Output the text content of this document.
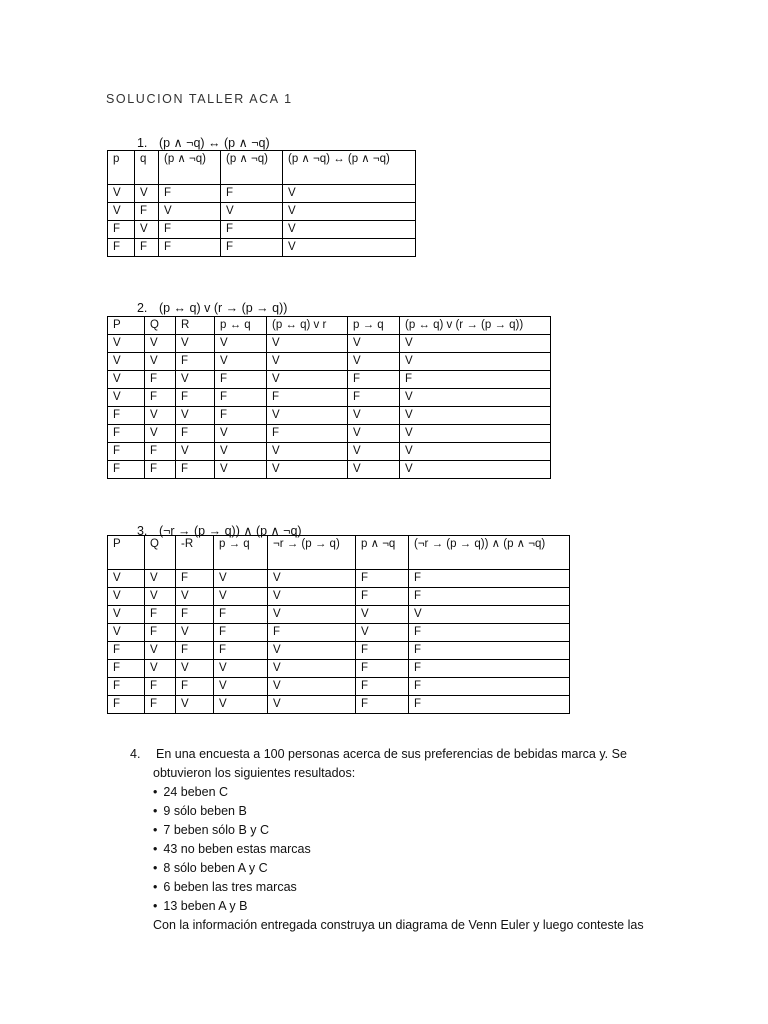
SOLUCION TALLER ACA 1

1. (p ∧ ¬q) ↔ (p ∧ ¬q)

p	q	(p ∧ ¬q)	(p ∧ ¬q)	(p ∧ ¬q) ↔ (p ∧ ¬q)
V	V	F	F	V
V	F	V	V	V
F	V	F	F	V
F	F	F	F	V

2. (p ↔ q) v (r → (p → q))

P	Q	R	p ↔ q	(p ↔ q) v r	p → q	(p ↔ q) v (r → (p → q))
V	V	V	V	V	V	V
V	V	F	V	V	V	V
V	F	V	F	V	F	F
V	F	F	F	F	F	V
F	V	V	F	V	V	V
F	V	F	V	F	V	V
F	F	V	V	V	V	V
F	F	F	V	V	V	V

3. (¬r → (p → q)) ∧ (p ∧ ¬q)

P	Q	-R	p → q	¬r → (p → q)	p ∧ ¬q	(¬r → (p → q)) ∧ (p ∧ ¬q)
V	V	F	V	V	F	F
V	V	V	V	V	F	F
V	F	F	F	V	V	V
V	F	V	F	F	V	F
F	V	F	F	V	F	F
F	V	V	V	V	F	F
F	F	F	V	V	F	F
F	F	V	V	V	F	F
4. En una encuesta a 100 personas acerca de sus preferencias de bebidas marca y. Se
obtuvieron los siguientes resultados:
• 24 beben C
• 9 sólo beben B
• 7 beben sólo B y C
• 43 no beben estas marcas
• 8 sólo beben A y C
• 6 beben las tres marcas
• 13 beben A y B
Con la información entregada construya un diagrama de Venn Euler y luego conteste las
